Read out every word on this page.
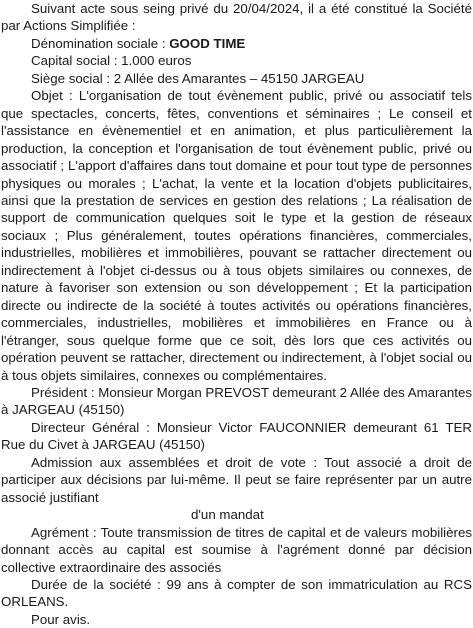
Suivant acte sous seing privé du 20/04/2024, il a été constitué la Société par Actions Simplifiée :

Dénomination sociale : GOOD TIME

Capital social : 1.000 euros

Siège social : 2 Allée des Amarantes – 45150 JARGEAU

Objet : L'organisation de tout évènement public, privé ou associatif tels que spectacles, concerts, fêtes, conventions et séminaires ; Le conseil et l'assistance en évènementiel et en animation, et plus particulièrement la production, la conception et l'organisation de tout évènement public, privé ou associatif ; L'apport d'affaires dans tout domaine et pour tout type de personnes physiques ou morales ; L'achat, la vente et la location d'objets publicitaires, ainsi que la prestation de services en gestion des relations ; La réalisation de support de communication quelques soit le type et la gestion de réseaux sociaux ; Plus généralement, toutes opérations financières, commerciales, industrielles, mobilières et immobilières, pouvant se rattacher directement ou indirectement à l'objet ci-dessus ou à tous objets similaires ou connexes, de nature à favoriser son extension ou son développement ; Et la participation directe ou indirecte de la société à toutes activités ou opérations financières, commerciales, industrielles, mobilières et immobilières en France ou à l'étranger, sous quelque forme que ce soit, dès lors que ces activités ou opération peuvent se rattacher, directement ou indirectement, à l'objet social ou à tous objets similaires, connexes ou complémentaires.

Président : Monsieur Morgan PREVOST demeurant 2 Allée des Amarantes à JARGEAU (45150)

Directeur Général : Monsieur Victor FAUCONNIER demeurant 61 TER Rue du Civet à JARGEAU (45150)

Admission aux assemblées et droit de vote : Tout associé a droit de participer aux décisions par lui-même. Il peut se faire représenter par un autre associé justifiant

d'un mandat

Agrément : Toute transmission de titres de capital et de valeurs mobilières donnant accès au capital est soumise à l'agrément donné par décision collective extraordinaire des associés

Durée de la société : 99 ans à compter de son immatriculation au RCS ORLEANS.

Pour avis.
